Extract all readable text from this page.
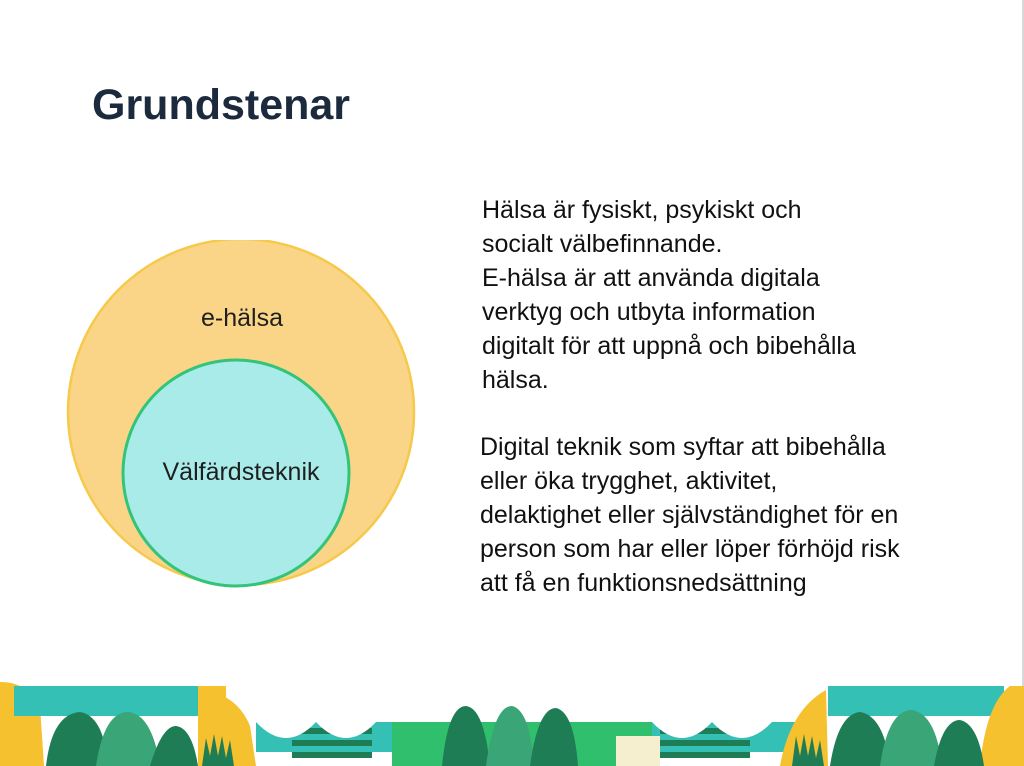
Grundstenar
e-hälsa
Välfärdsteknik

Hälsa är fysiskt, psykiskt och

socialt välbefinnande.

E-hälsa är att använda digitala

verktyg och utbyta information

digitalt för att uppnå och bibehålla

hälsa.

Digital teknik som syftar att bibehålla

eller öka trygghet, aktivitet,

delaktighet eller självständighet för en

person som har eller löper förhöjd risk

att få en funktionsnedsättning
